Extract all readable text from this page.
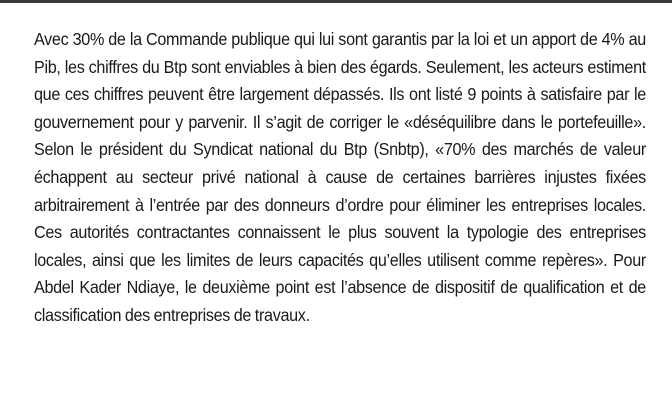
Avec 30% de la Commande publique qui lui sont garantis par la loi et un apport de 4% au Pib, les chiffres du Btp sont enviables à bien des égards. Seulement, les acteurs estiment que ces chiffres peuvent être largement dépassés. Ils ont listé 9 points à satisfaire par le gouvernement pour y parvenir. Il s’agit de corriger le «déséquilibre dans le portefeuille». Selon le président du Syndicat national du Btp (Snbtp), «70% des marchés de valeur échappent au secteur privé national à cause de certaines barrières injustes fixées arbitrairement à l’entrée par des donneurs d’ordre pour éliminer les entreprises locales. Ces autorités contractantes connaissent le plus souvent la typologie des entreprises locales, ainsi que les limites de leurs capacités qu’elles utilisent comme repères». Pour Abdel Kader Ndiaye, le deuxième point est l’absence de dispositif de qualification et de classification des entreprises de travaux.
